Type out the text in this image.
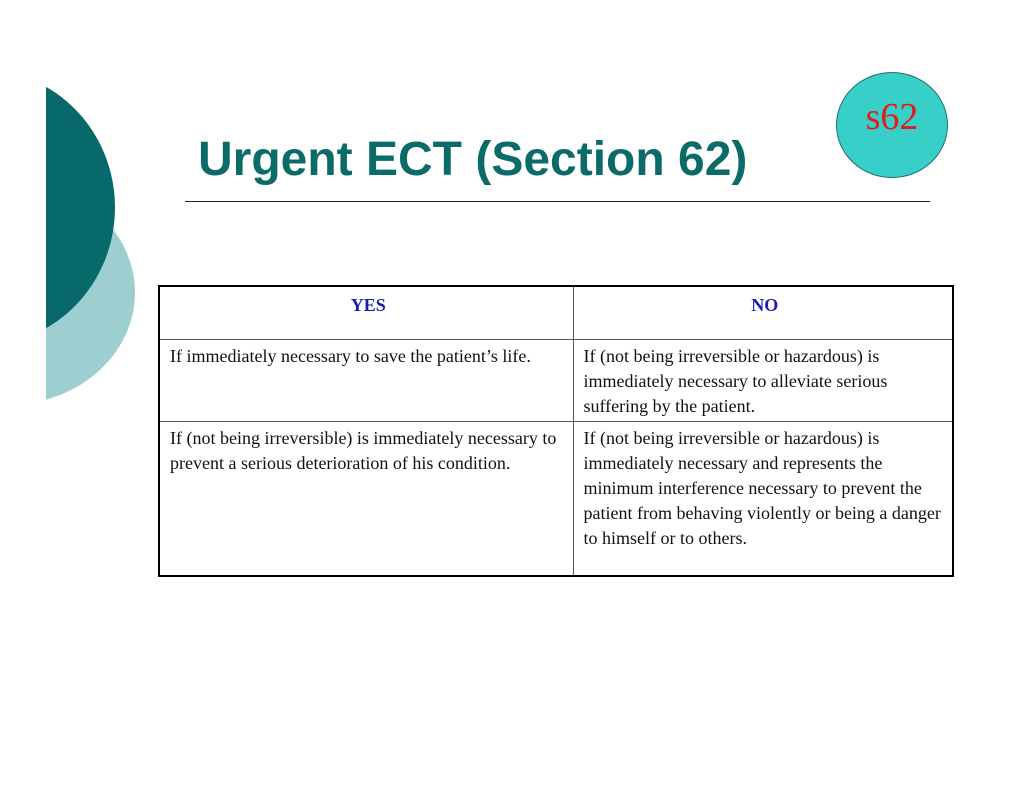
s62
Urgent ECT (Section 62)
YES	NO
If immediately necessary to save the patient’s life.	If (not being irreversible or hazardous) is immediately necessary to alleviate serious suffering by the patient.
If (not being irreversible) is immediately necessary to prevent a serious deterioration of his condition.	If (not being irreversible or hazardous) is immediately necessary and represents the minimum interference necessary to prevent the patient from behaving violently or being a danger to himself or to others.
